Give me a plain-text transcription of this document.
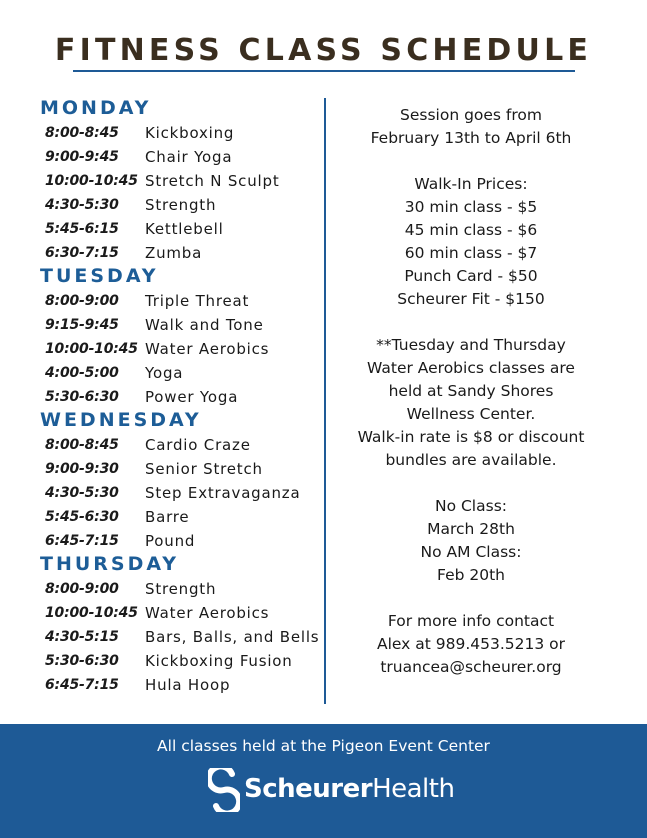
FITNESS CLASS SCHEDULE
MONDAY
8:00-8:45 Kickboxing
9:00-9:45 Chair Yoga
10:00-10:45 Stretch N Sculpt
4:30-5:30 Strength
5:45-6:15 Kettlebell
6:30-7:15 Zumba
TUESDAY
8:00-9:00 Triple Threat
9:15-9:45 Walk and Tone
10:00-10:45 Water Aerobics
4:00-5:00 Yoga
5:30-6:30 Power Yoga
WEDNESDAY
8:00-8:45 Cardio Craze
9:00-9:30 Senior Stretch
4:30-5:30 Step Extravaganza
5:45-6:30 Barre
6:45-7:15 Pound
THURSDAY
8:00-9:00 Strength
10:00-10:45 Water Aerobics
4:30-5:15 Bars, Balls, and Bells
5:30-6:30 Kickboxing Fusion
6:45-7:15 Hula Hoop
Session goes from
February 13th to April 6th
Walk-In Prices:
30 min class - $5
45 min class - $6
60 min class - $7
Punch Card - $50
Scheurer Fit - $150
**Tuesday and Thursday
Water Aerobics classes are
held at Sandy Shores
Wellness Center.
Walk-in rate is $8 or discount
bundles are available.
No Class:
March 28th
No AM Class:
Feb 20th
For more info contact
Alex at 989.453.5213 or
truancea@scheurer.org
All classes held at the Pigeon Event Center
ScheurerHealth
